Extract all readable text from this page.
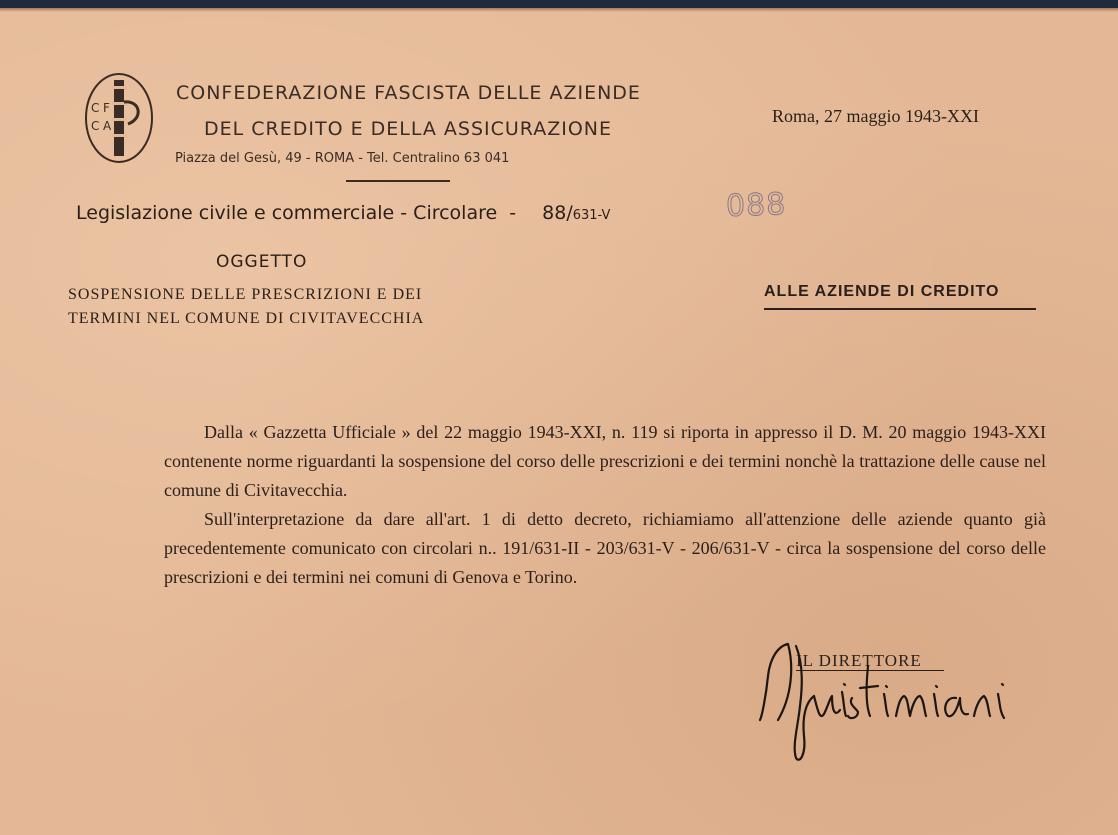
C F
C A
CONFEDERAZIONE FASCISTA DELLE AZIENDE
DEL CREDITO E DELLA ASSICURAZIONE
Piazza del Gesù, 49 - ROMA - Tel. Centralino 63 041
Roma, 27 maggio 1943-XXI
Legislazione civile e commerciale - Circolare - 88/631-V	088
OGGETTO
SOSPENSIONE DELLE PRESCRIZIONI E DEI
TERMINI NEL COMUNE DI CIVITAVECCHIA
ALLE AZIENDE DI CREDITO

Dalla « Gazzetta Ufficiale » del 22 maggio 1943-XXI, n. 119 si riporta in appresso il D. M. 20 maggio 1943-XXI contenente norme riguardanti la sospensione del corso delle prescrizioni e dei termini nonchè la trattazione delle cause nel comune di Civitavecchia.

Sull'interpretazione da dare all'art. 1 di detto decreto, richiamiamo all'attenzione delle aziende quanto già precedentemente comunicato con circolari n.. 191/631-II - 203/631-V - 206/631-V - circa la sospensione del corso delle prescrizioni e dei termini nei comuni di Genova e Torino.

IL DIRETTORE
